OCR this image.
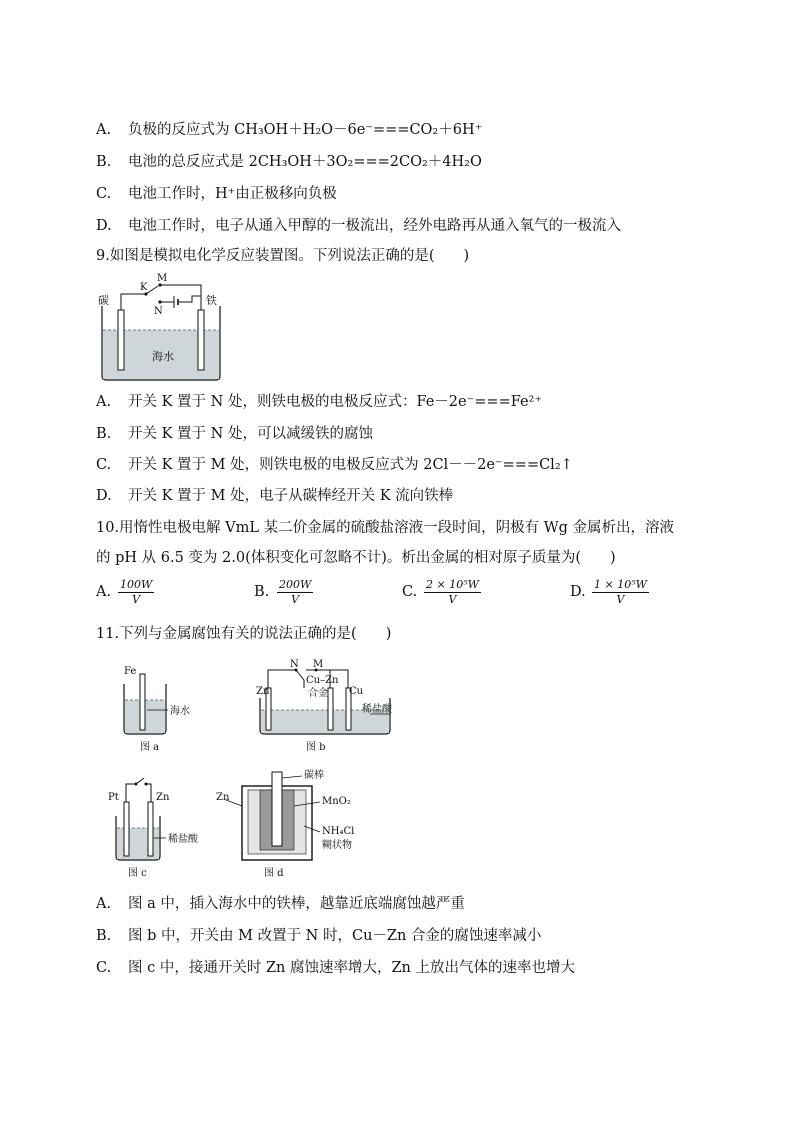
A. 负极的反应式为 CH₃OH＋H₂O－6e⁻===CO₂＋6H⁺
B. 电池的总反应式是 2CH₃OH＋3O₂===2CO₂＋4H₂O
C. 电池工作时，H⁺由正极移向负极
D. 电池工作时，电子从通入甲醇的一极流出，经外电路再从通入氧气的一极流入
9.如图是模拟电化学反应装置图。下列说法正确的是(　　)
碳	铁
海水
K
M
N
A. 开关 K 置于 N 处，则铁电极的电极反应式：Fe－2e⁻===Fe²⁺
B. 开关 K 置于 N 处，可以减缓铁的腐蚀
C. 开关 K 置于 M 处，则铁电极的电极反应式为 2Cl－－2e⁻===Cl₂↑
D. 开关 K 置于 M 处，电子从碳棒经开关 K 流向铁棒
10.用惰性电极电解 VmL 某二价金属的硫酸盐溶液一段时间，阴极有 Wg 金属析出，溶液
的 pH 从 6.5 变为 2.0(体积变化可忽略不计)。析出金属的相对原子质量为(　　)
A. $\frac{100W}{V}$	B. $\frac{200W}{V}$	C. $\frac{\text{2 × 10⁵W}}{V}$	D. $\frac{\text{1 × 10⁵W}}{V}$
11.下列与金属腐蚀有关的说法正确的是(　　)
Fe
海水
图 a
N M
Zn
Cu–Zn
合金 Cu
稀盐酸
图 b
Pt	Zn
稀盐酸
图 c
碳棒
Zn	MnO₂
NH₄Cl
糊状物
图 d
A. 图 a 中，插入海水中的铁棒，越靠近底端腐蚀越严重
B. 图 b 中，开关由 M 改置于 N 时，Cu－Zn 合金的腐蚀速率减小
C. 图 c 中，接通开关时 Zn 腐蚀速率增大，Zn 上放出气体的速率也增大
